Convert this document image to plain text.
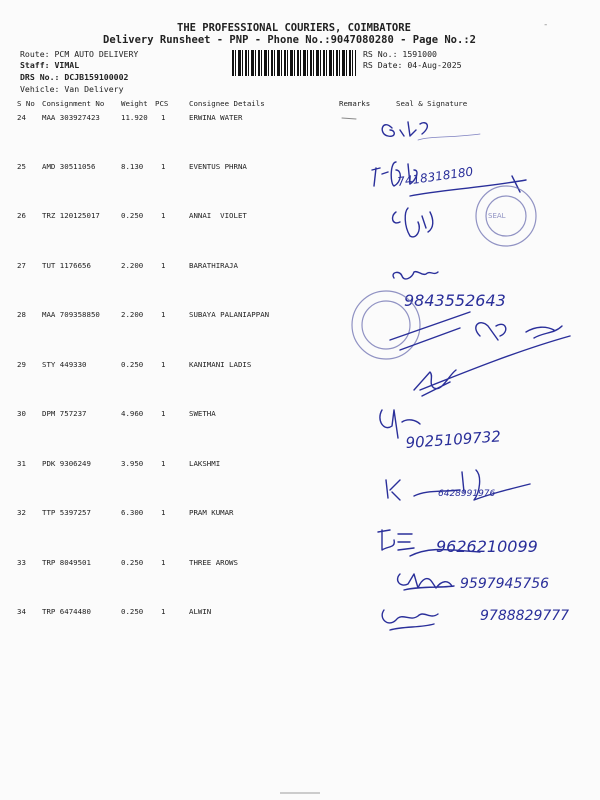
THE PROFESSIONAL COURIERS, COIMBATORE	-
Delivery Runsheet - PNP - Phone No.:9047080280 - Page No.:2
Route: PCM AUTO DELIVERY
Staff: VIMAL
DRS No.: DCJB159100002
Vehicle: Van Delivery
RS No.: 1591000
RS Date: 04-Aug-2025
S No Consignment No Weight PCS	Consignee Details	Remarks	Seal & Signature
24 MAA 303927423	11.920 1	ERWINA WATER
25 AMD 30511056	8.130 1	EVENTUS PHRNA
26 TRZ 120125017	0.250 1	ANNAI  VIOLET
27 TUT 1176656	2.200 1	BARATHIRAJA
28 MAA 709358850	2.200 1	SUBAYA PALANIAPPAN
29 STY 449330	0.250 1	KANIMANI LADIS
30 DPM 757237	4.960 1	SWETHA
31 PDK 9306249	3.950 1	LAKSHMI
32 TTP 5397257	6.300 1	PRAM KUMAR
33 TRP 8049501	0.250 1	THREE AROWS
34 TRP 6474480	0.250 1	ALWIN
7418318180
SEAL
9843552643
9025109732
6428991976
9626210099
9597945756
9788829777
